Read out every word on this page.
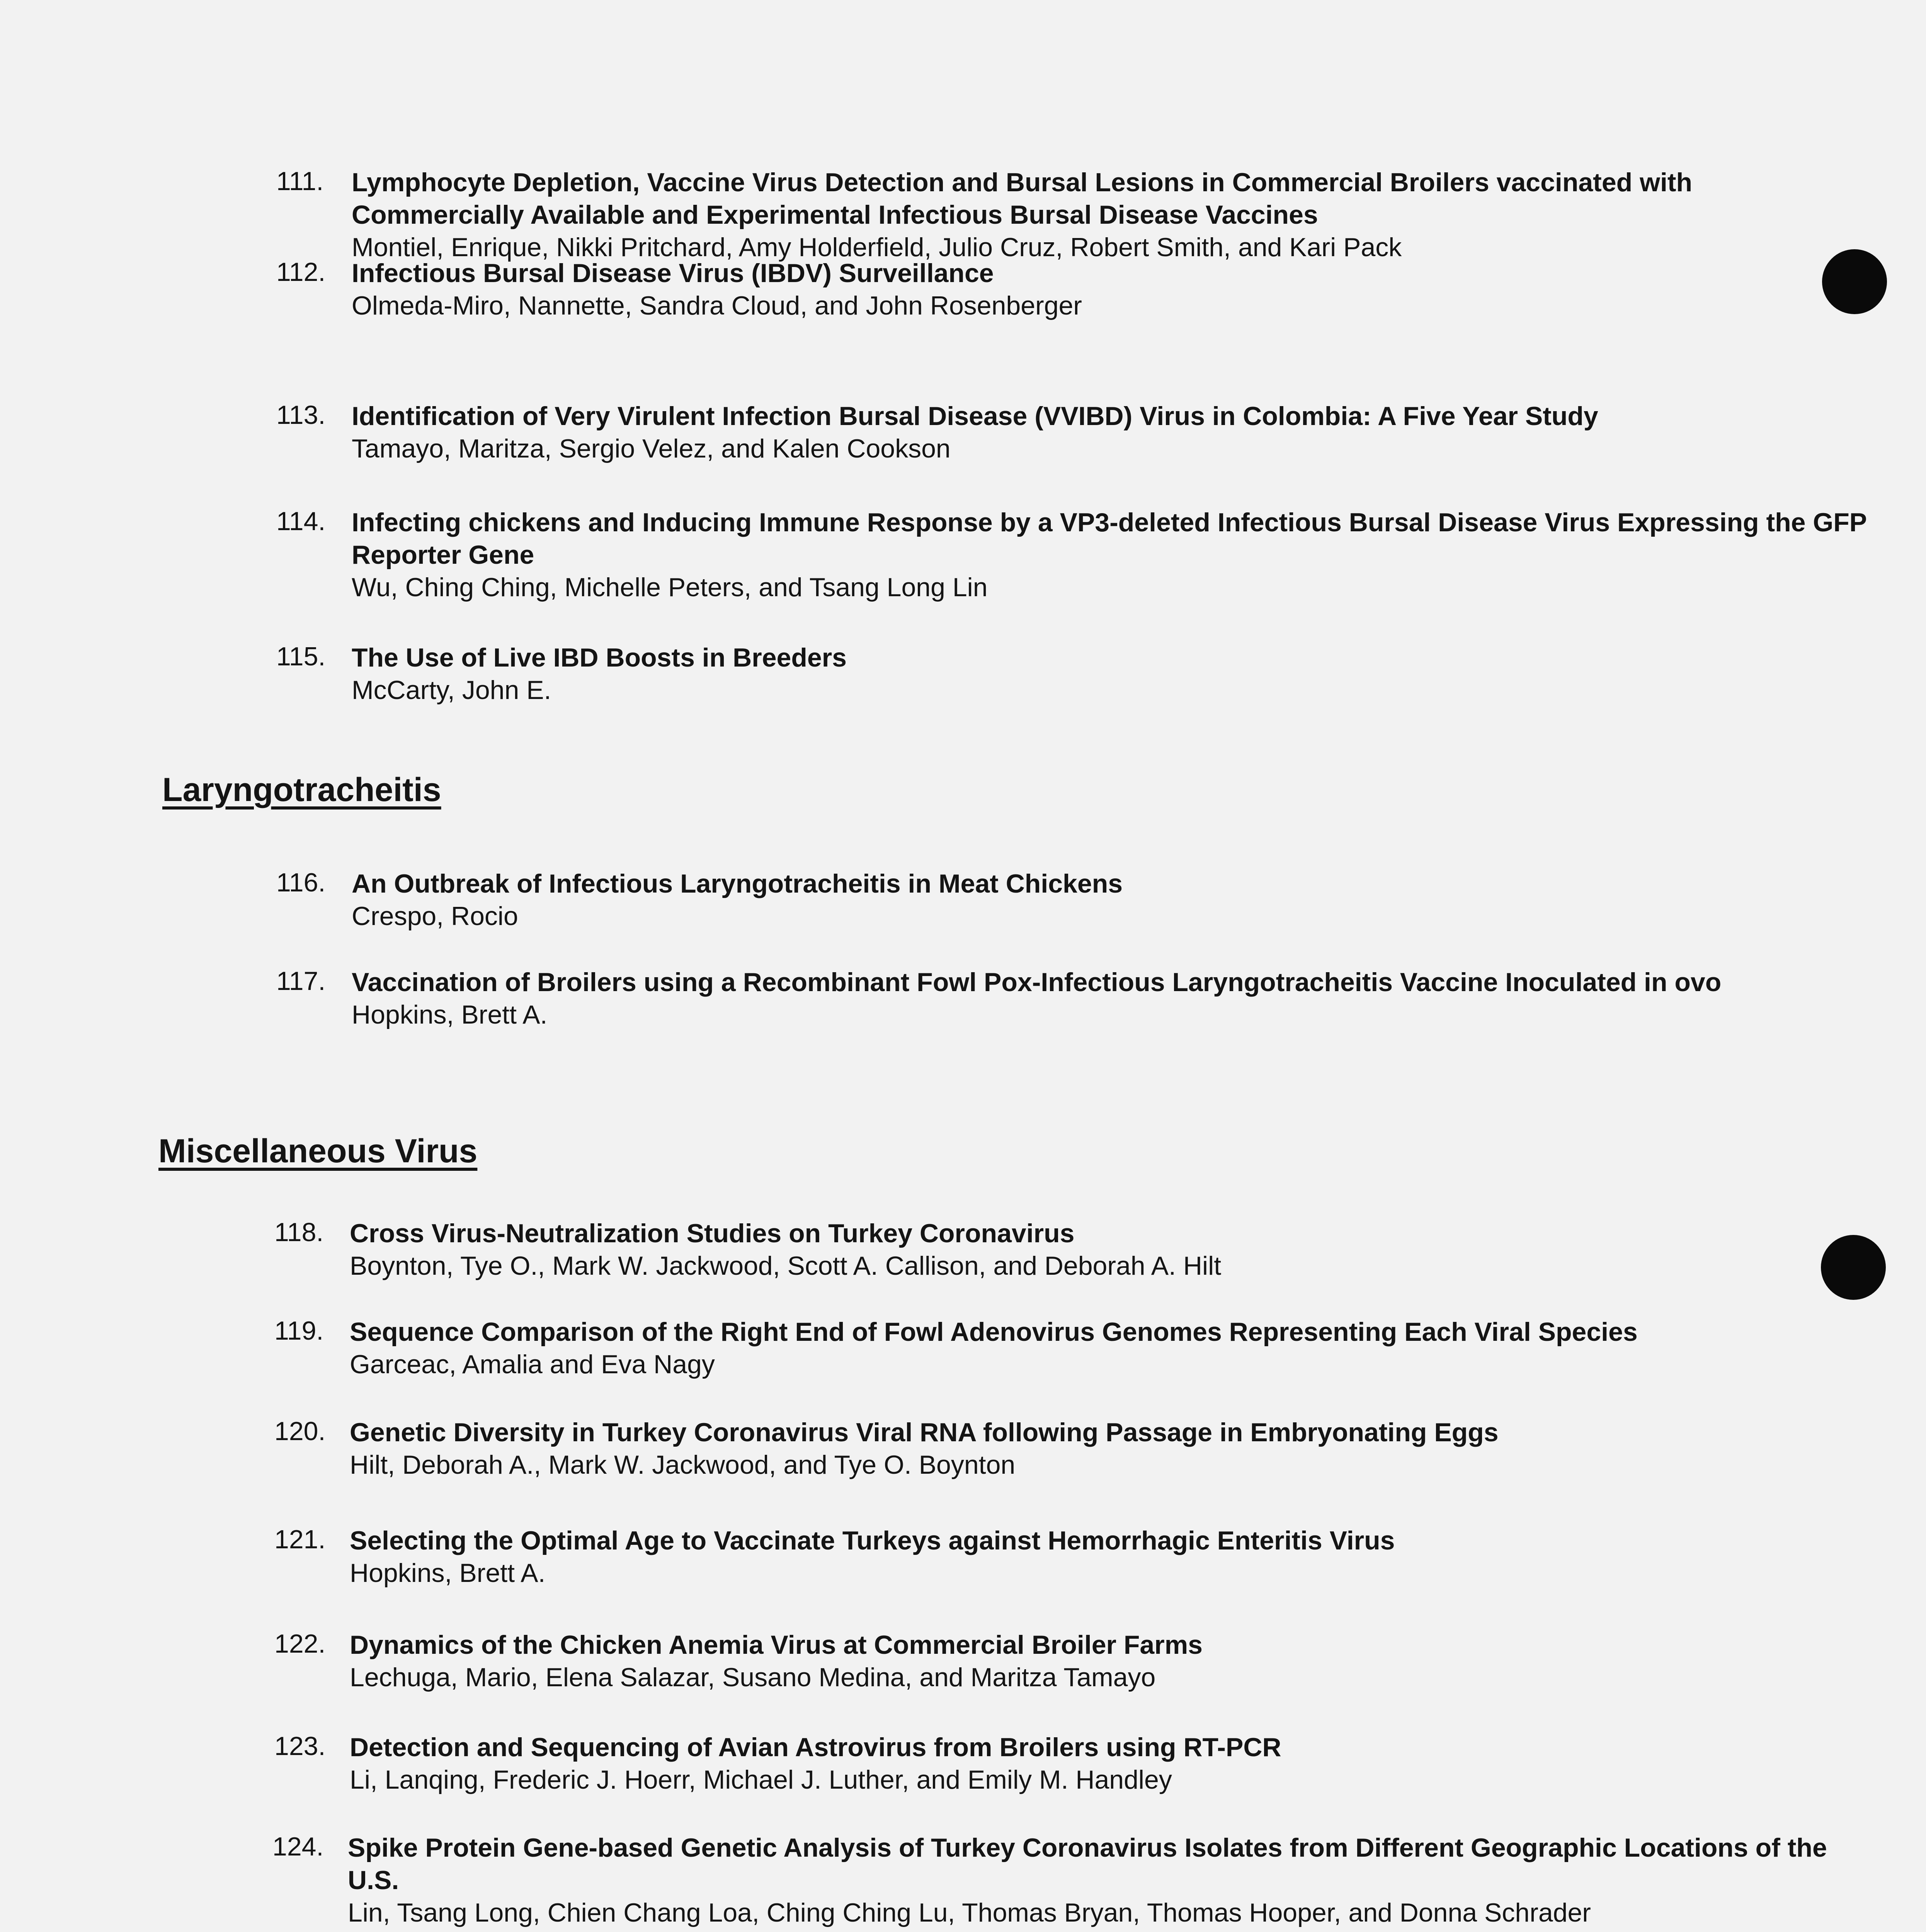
Laryngotracheitis
Miscellaneous Virus
111. Lymphocyte Depletion, Vaccine Virus Detection and Bursal Lesions in Commercial Broilers vaccinated with Commercially Available and Experimental Infectious Bursal Disease Vaccines
Montiel, Enrique, Nikki Pritchard, Amy Holderfield, Julio Cruz, Robert Smith, and Kari Pack
112. Infectious Bursal Disease Virus (IBDV) Surveillance
Olmeda-Miro, Nannette, Sandra Cloud, and John Rosenberger
113. Identification of Very Virulent Infection Bursal Disease (VVIBD) Virus in Colombia: A Five Year Study
Tamayo, Maritza, Sergio Velez, and Kalen Cookson
114. Infecting chickens and Inducing Immune Response by a VP3-deleted Infectious Bursal Disease Virus Expressing the GFP Reporter Gene
Wu, Ching Ching, Michelle Peters, and Tsang Long Lin
115. The Use of Live IBD Boosts in Breeders
McCarty, John E.
116. An Outbreak of Infectious Laryngotracheitis in Meat Chickens
Crespo, Rocio
117. Vaccination of Broilers using a Recombinant Fowl Pox-Infectious Laryngotracheitis Vaccine Inoculated in ovo
Hopkins, Brett A.
118. Cross Virus-Neutralization Studies on Turkey Coronavirus
Boynton, Tye O., Mark W. Jackwood, Scott A. Callison, and Deborah A. Hilt
119. Sequence Comparison of the Right End of Fowl Adenovirus Genomes Representing Each Viral Species
Garceac, Amalia and Eva Nagy
120. Genetic Diversity in Turkey Coronavirus Viral RNA following Passage in Embryonating Eggs
Hilt, Deborah A., Mark W. Jackwood, and Tye O. Boynton
121. Selecting the Optimal Age to Vaccinate Turkeys against Hemorrhagic Enteritis Virus
Hopkins, Brett A.
122. Dynamics of the Chicken Anemia Virus at Commercial Broiler Farms
Lechuga, Mario, Elena Salazar, Susano Medina, and Maritza Tamayo
123. Detection and Sequencing of Avian Astrovirus from Broilers using RT-PCR
Li, Lanqing, Frederic J. Hoerr, Michael J. Luther, and Emily M. Handley
124. Spike Protein Gene-based Genetic Analysis of Turkey Coronavirus Isolates from Different Geographic Locations of the U.S.
Lin, Tsang Long, Chien Chang Loa, Ching Ching Lu, Thomas Bryan, Thomas Hooper, and Donna Schrader
